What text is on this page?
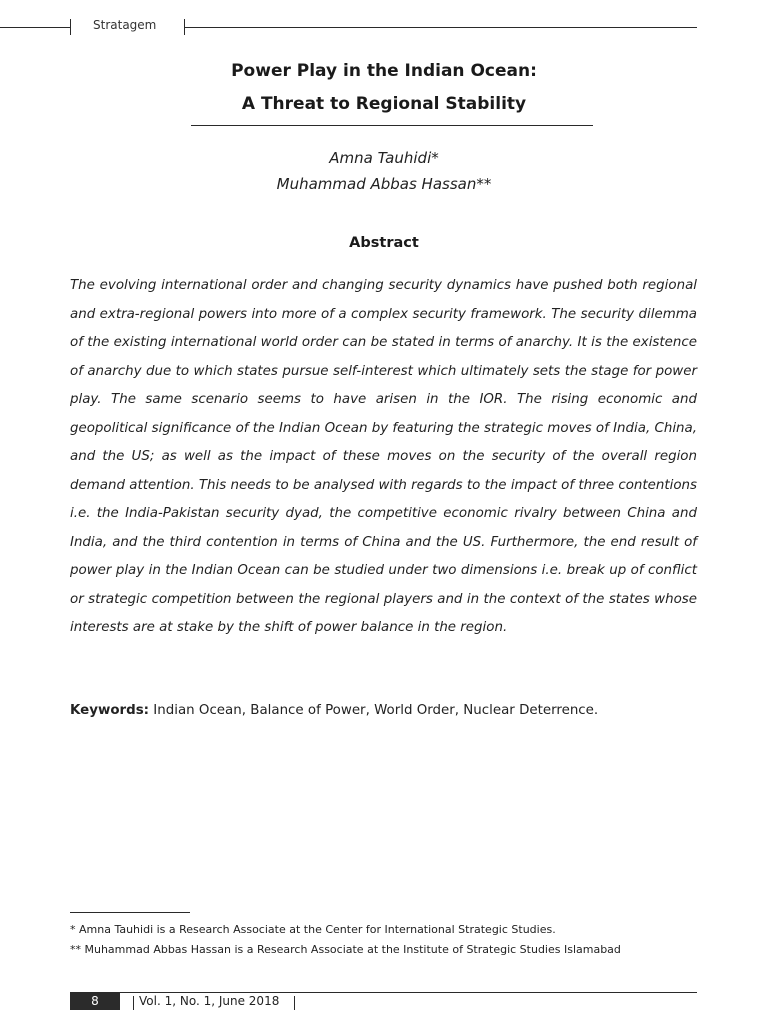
Stratagem
Power Play in the Indian Ocean:
A Threat to Regional Stability
Amna Tauhidi*
Muhammad Abbas Hassan**
Abstract

The evolving international order and changing security dynamics have pushed both regional and extra-regional powers into more of a complex security framework. The security dilemma of the existing international world order can be stated in terms of anarchy. It is the existence of anarchy due to which states pursue self-interest which ultimately sets the stage for power play. The same scenario seems to have arisen in the IOR. The rising economic and geopolitical significance of the Indian Ocean by featuring the strategic moves of India, China, and the US; as well as the impact of these moves on the security of the overall region demand attention. This needs to be analysed with regards to the impact of three contentions i.e. the India-Pakistan security dyad, the competitive economic rivalry between China and India, and the third contention in terms of China and the US. Furthermore, the end result of power play in the Indian Ocean can be studied under two dimensions i.e. break up of conflict or strategic competition between the regional players and in the context of the states whose interests are at stake by the shift of power balance in the region.

Keywords: Indian Ocean, Balance of Power, World Order, Nuclear Deterrence.
* Amna Tauhidi is a Research Associate at the Center for International Strategic Studies.
** Muhammad Abbas Hassan is a Research Associate at the Institute of Strategic Studies Islamabad
8	Vol. 1, No. 1, June 2018
